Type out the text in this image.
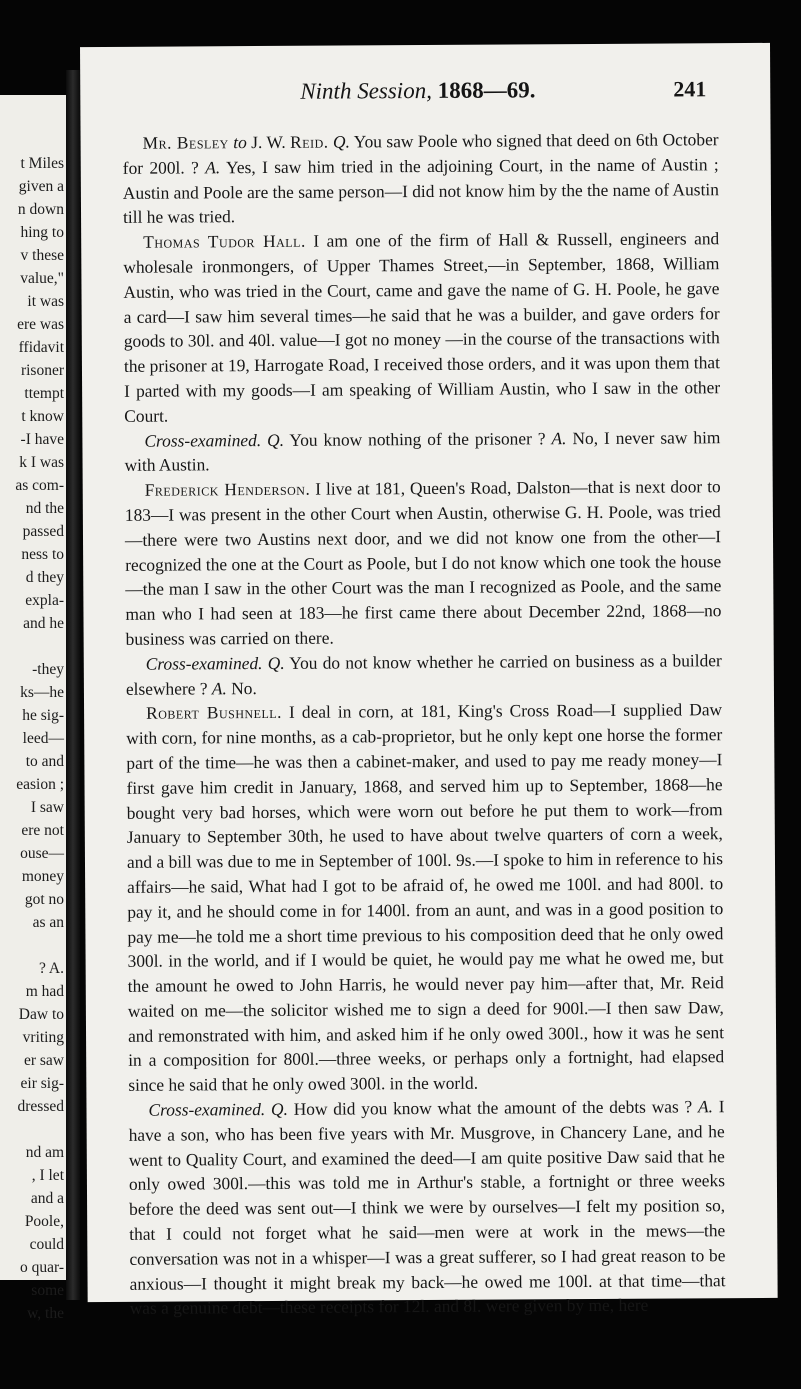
t Miles
given a
n down
hing to
v these
value,"
it was
ere was
ffidavit
risoner
ttempt
t know
-I have
k I was
as com-
nd the
passed
ness to
d they
expla-
and he
-they
ks—he
he sig-
leed—
to and
easion ;
I saw
ere not
ouse—
money
got no
as an
? A.
m had
Daw to
vriting
er saw
eir sig-
dressed
nd am
, I let
and a
Poole,
could
o quar-
some
w, the
Ninth Session, 1868—69.	241

Mr. Besley to J. W. Reid. Q. You saw Poole who signed that deed on 6th October for 200l. ? A. Yes, I saw him tried in the adjoining Court, in the name of Austin ; Austin and Poole are the same person—I did not know him by the the name of Austin till he was tried.

Thomas Tudor Hall. I am one of the firm of Hall & Russell, engineers and wholesale ironmongers, of Upper Thames Street,—in September, 1868, William Austin, who was tried in the Court, came and gave the name of G. H. Poole, he gave a card—I saw him several times—he said that he was a builder, and gave orders for goods to 30l. and 40l. value—I got no money —in the course of the transactions with the prisoner at 19, Harrogate Road, I received those orders, and it was upon them that I parted with my goods—I am speaking of William Austin, who I saw in the other Court.

Cross-examined. Q. You know nothing of the prisoner ? A. No, I never saw him with Austin.

Frederick Henderson. I live at 181, Queen's Road, Dalston—that is next door to 183—I was present in the other Court when Austin, otherwise G. H. Poole, was tried—there were two Austins next door, and we did not know one from the other—I recognized the one at the Court as Poole, but I do not know which one took the house—the man I saw in the other Court was the man I recognized as Poole, and the same man who I had seen at 183—he first came there about December 22nd, 1868—no business was carried on there.

Cross-examined. Q. You do not know whether he carried on business as a builder elsewhere ? A. No.

Robert Bushnell. I deal in corn, at 181, King's Cross Road—I supplied Daw with corn, for nine months, as a cab-proprietor, but he only kept one horse the former part of the time—he was then a cabinet-maker, and used to pay me ready money—I first gave him credit in January, 1868, and served him up to September, 1868—he bought very bad horses, which were worn out before he put them to work—from January to September 30th, he used to have about twelve quarters of corn a week, and a bill was due to me in September of 100l. 9s.—I spoke to him in reference to his affairs—he said, What had I got to be afraid of, he owed me 100l. and had 800l. to pay it, and he should come in for 1400l. from an aunt, and was in a good position to pay me—he told me a short time previous to his composition deed that he only owed 300l. in the world, and if I would be quiet, he would pay me what he owed me, but the amount he owed to John Harris, he would never pay him—after that, Mr. Reid waited on me—the solicitor wished me to sign a deed for 900l.—I then saw Daw, and remonstrated with him, and asked him if he only owed 300l., how it was he sent in a composition for 800l.—three weeks, or perhaps only a fortnight, had elapsed since he said that he only owed 300l. in the world.

Cross-examined. Q. How did you know what the amount of the debts was ? A. I have a son, who has been five years with Mr. Musgrove, in Chancery Lane, and he went to Quality Court, and examined the deed—I am quite positive Daw said that he only owed 300l.—this was told me in Arthur's stable, a fortnight or three weeks before the deed was sent out—I think we were by ourselves—I felt my position so, that I could not forget what he said—men were at work in the mews—the conversation was not in a whisper—I was a great sufferer, so I had great reason to be anxious—I thought it might break my back—he owed me 100l. at that time—that was a genuine debt—these receipts for 12l. and 8l. were given by me, here
